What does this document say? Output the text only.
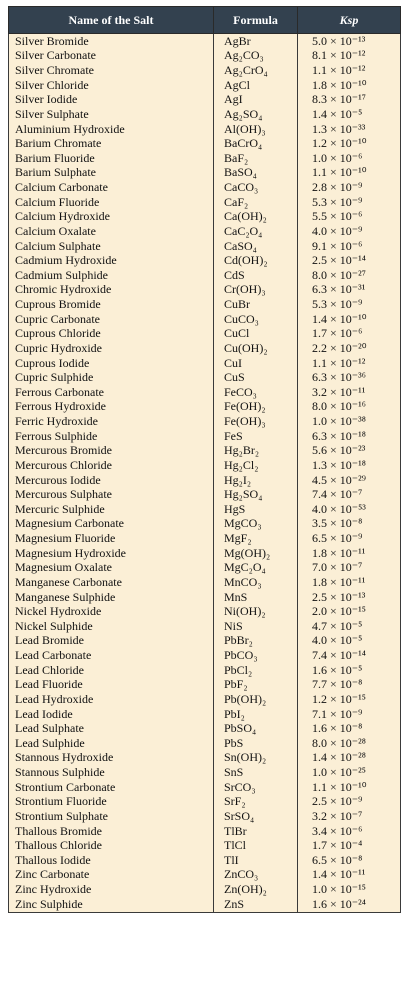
Name of the Salt	Formula	Ksp
Silver Bromide	AgBr	5.0 × 10⁻¹³
Silver Carbonate	Ag₂CO₃	8.1 × 10⁻¹²
Silver Chromate	Ag₂CrO₄	1.1 × 10⁻¹²
Silver Chloride	AgCl	1.8 × 10⁻¹⁰
Silver Iodide	AgI	8.3 × 10⁻¹⁷
Silver Sulphate	Ag₂SO₄	1.4 × 10⁻⁵
Aluminium Hydroxide	Al(OH)₃	1.3 × 10⁻³³
Barium Chromate	BaCrO₄	1.2 × 10⁻¹⁰
Barium Fluoride	BaF₂	1.0 × 10⁻⁶
Barium Sulphate	BaSO₄	1.1 × 10⁻¹⁰
Calcium Carbonate	CaCO₃	2.8 × 10⁻⁹
Calcium Fluoride	CaF₂	5.3 × 10⁻⁹
Calcium Hydroxide	Ca(OH)₂	5.5 × 10⁻⁶
Calcium Oxalate	CaC₂O₄	4.0 × 10⁻⁹
Calcium Sulphate	CaSO₄	9.1 × 10⁻⁶
Cadmium Hydroxide	Cd(OH)₂	2.5 × 10⁻¹⁴
Cadmium Sulphide	CdS	8.0 × 10⁻²⁷
Chromic Hydroxide	Cr(OH)₃	6.3 × 10⁻³¹
Cuprous Bromide	CuBr	5.3 × 10⁻⁹
Cupric Carbonate	CuCO₃	1.4 × 10⁻¹⁰
Cuprous Chloride	CuCl	1.7 × 10⁻⁶
Cupric Hydroxide	Cu(OH)₂	2.2 × 10⁻²⁰
Cuprous Iodide	CuI	1.1 × 10⁻¹²
Cupric Sulphide	CuS	6.3 × 10⁻³⁶
Ferrous Carbonate	FeCO₃	3.2 × 10⁻¹¹
Ferrous Hydroxide	Fe(OH)₂	8.0 × 10⁻¹⁶
Ferric Hydroxide	Fe(OH)₃	1.0 × 10⁻³⁸
Ferrous Sulphide	FeS	6.3 × 10⁻¹⁸
Mercurous Bromide	Hg₂Br₂	5.6 × 10⁻²³
Mercurous Chloride	Hg₂Cl₂	1.3 × 10⁻¹⁸
Mercurous Iodide	Hg₂I₂	4.5 × 10⁻²⁹
Mercurous Sulphate	Hg₂SO₄	7.4 × 10⁻⁷
Mercuric Sulphide	HgS	4.0 × 10⁻⁵³
Magnesium Carbonate	MgCO₃	3.5 × 10⁻⁸
Magnesium Fluoride	MgF₂	6.5 × 10⁻⁹
Magnesium Hydroxide	Mg(OH)₂	1.8 × 10⁻¹¹
Magnesium Oxalate	MgC₂O₄	7.0 × 10⁻⁷
Manganese Carbonate	MnCO₃	1.8 × 10⁻¹¹
Manganese Sulphide	MnS	2.5 × 10⁻¹³
Nickel Hydroxide	Ni(OH)₂	2.0 × 10⁻¹⁵
Nickel Sulphide	NiS	4.7 × 10⁻⁵
Lead Bromide	PbBr₂	4.0 × 10⁻⁵
Lead Carbonate	PbCO₃	7.4 × 10⁻¹⁴
Lead Chloride	PbCl₂	1.6 × 10⁻⁵
Lead Fluoride	PbF₂	7.7 × 10⁻⁸
Lead Hydroxide	Pb(OH)₂	1.2 × 10⁻¹⁵
Lead Iodide	PbI₂	7.1 × 10⁻⁹
Lead Sulphate	PbSO₄	1.6 × 10⁻⁸
Lead Sulphide	PbS	8.0 × 10⁻²⁸
Stannous Hydroxide	Sn(OH)₂	1.4 × 10⁻²⁸
Stannous Sulphide	SnS	1.0 × 10⁻²⁵
Strontium Carbonate	SrCO₃	1.1 × 10⁻¹⁰
Strontium Fluoride	SrF₂	2.5 × 10⁻⁹
Strontium Sulphate	SrSO₄	3.2 × 10⁻⁷
Thallous Bromide	TlBr	3.4 × 10⁻⁶
Thallous Chloride	TlCl	1.7 × 10⁻⁴
Thallous Iodide	TlI	6.5 × 10⁻⁸
Zinc Carbonate	ZnCO₃	1.4 × 10⁻¹¹
Zinc Hydroxide	Zn(OH)₂	1.0 × 10⁻¹⁵
Zinc Sulphide	ZnS	1.6 × 10⁻²⁴
